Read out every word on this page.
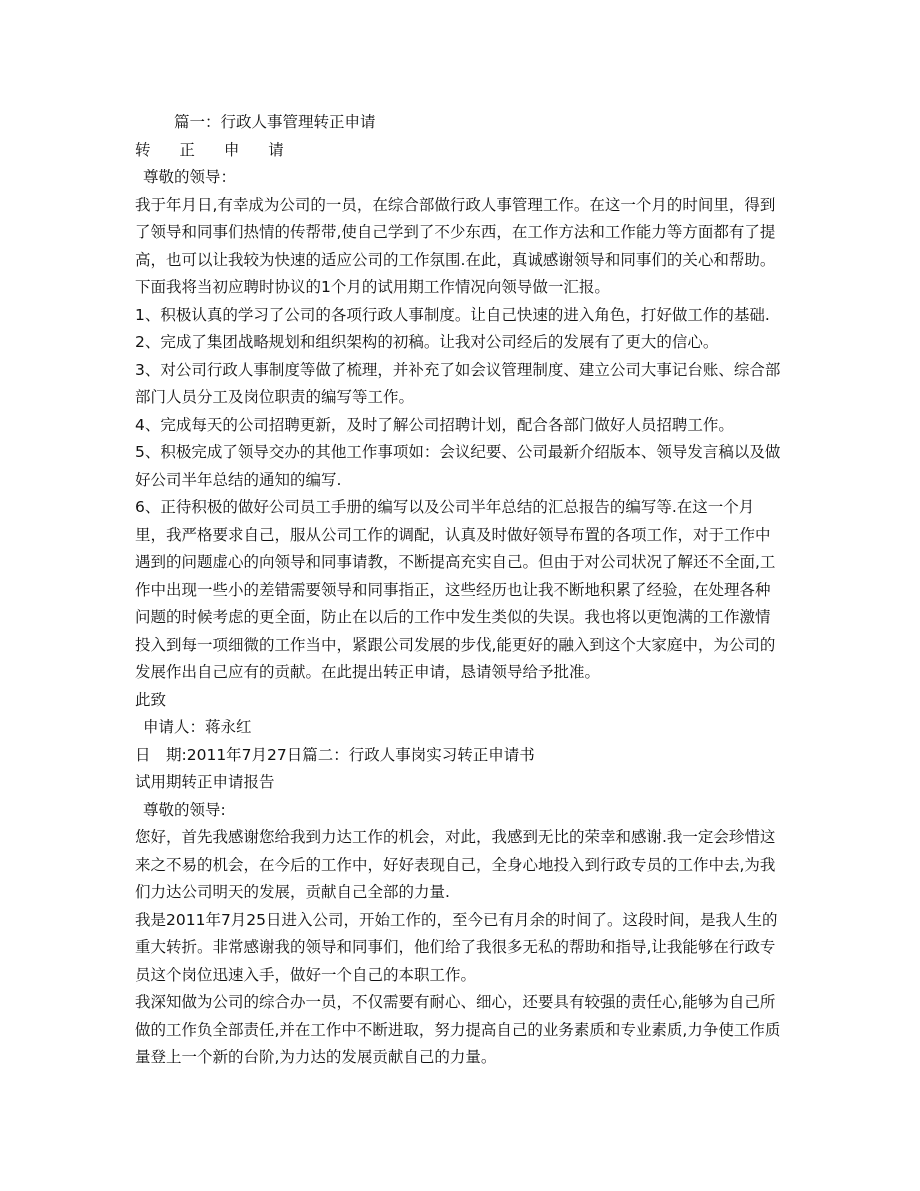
篇一：行政人事管理转正申请

转 正 申 请

尊敬的领导：

我于年月日,有幸成为公司的一员，在综合部做行政人事管理工作。在这一个月的时间里，得到了领导和同事们热情的传帮带,使自己学到了不少东西，在工作方法和工作能力等方面都有了提高，也可以让我较为快速的适应公司的工作氛围.在此，真诚感谢领导和同事们的关心和帮助。下面我将当初应聘时协议的1个月的试用期工作情况向领导做一汇报。

1、积极认真的学习了公司的各项行政人事制度。让自己快速的进入角色，打好做工作的基础.

2、完成了集团战略规划和组织架构的初稿。让我对公司经后的发展有了更大的信心。

3、对公司行政人事制度等做了梳理，并补充了如会议管理制度、建立公司大事记台账、综合部部门人员分工及岗位职责的编写等工作。

4、完成每天的公司招聘更新，及时了解公司招聘计划，配合各部门做好人员招聘工作。

5、积极完成了领导交办的其他工作事项如：会议纪要、公司最新介绍版本、领导发言稿以及做好公司半年总结的通知的编写.

6、正待积极的做好公司员工手册的编写以及公司半年总结的汇总报告的编写等.在这一个月里，我严格要求自己，服从公司工作的调配，认真及时做好领导布置的各项工作，对于工作中遇到的问题虚心的向领导和同事请教，不断提高充实自己。但由于对公司状况了解还不全面,工作中出现一些小的差错需要领导和同事指正，这些经历也让我不断地积累了经验，在处理各种问题的时候考虑的更全面，防止在以后的工作中发生类似的失误。我也将以更饱满的工作激情投入到每一项细微的工作当中，紧跟公司发展的步伐,能更好的融入到这个大家庭中，为公司的发展作出自己应有的贡献。在此提出转正申请，恳请领导给予批准。

此致

申请人：蒋永红

日　期:2011年7月27日篇二：行政人事岗实习转正申请书

试用期转正申请报告

尊敬的领导:

您好，首先我感谢您给我到力达工作的机会，对此，我感到无比的荣幸和感谢.我一定会珍惜这来之不易的机会，在今后的工作中，好好表现自己，全身心地投入到行政专员的工作中去,为我们力达公司明天的发展，贡献自己全部的力量.

我是2011年7月25日进入公司，开始工作的，至今已有月余的时间了。这段时间，是我人生的重大转折。非常感谢我的领导和同事们，他们给了我很多无私的帮助和指导,让我能够在行政专员这个岗位迅速入手，做好一个自己的本职工作。

我深知做为公司的综合办一员，不仅需要有耐心、细心，还要具有较强的责任心,能够为自己所做的工作负全部责任,并在工作中不断进取，努力提高自己的业务素质和专业素质,力争使工作质量登上一个新的台阶,为力达的发展贡献自己的力量。
